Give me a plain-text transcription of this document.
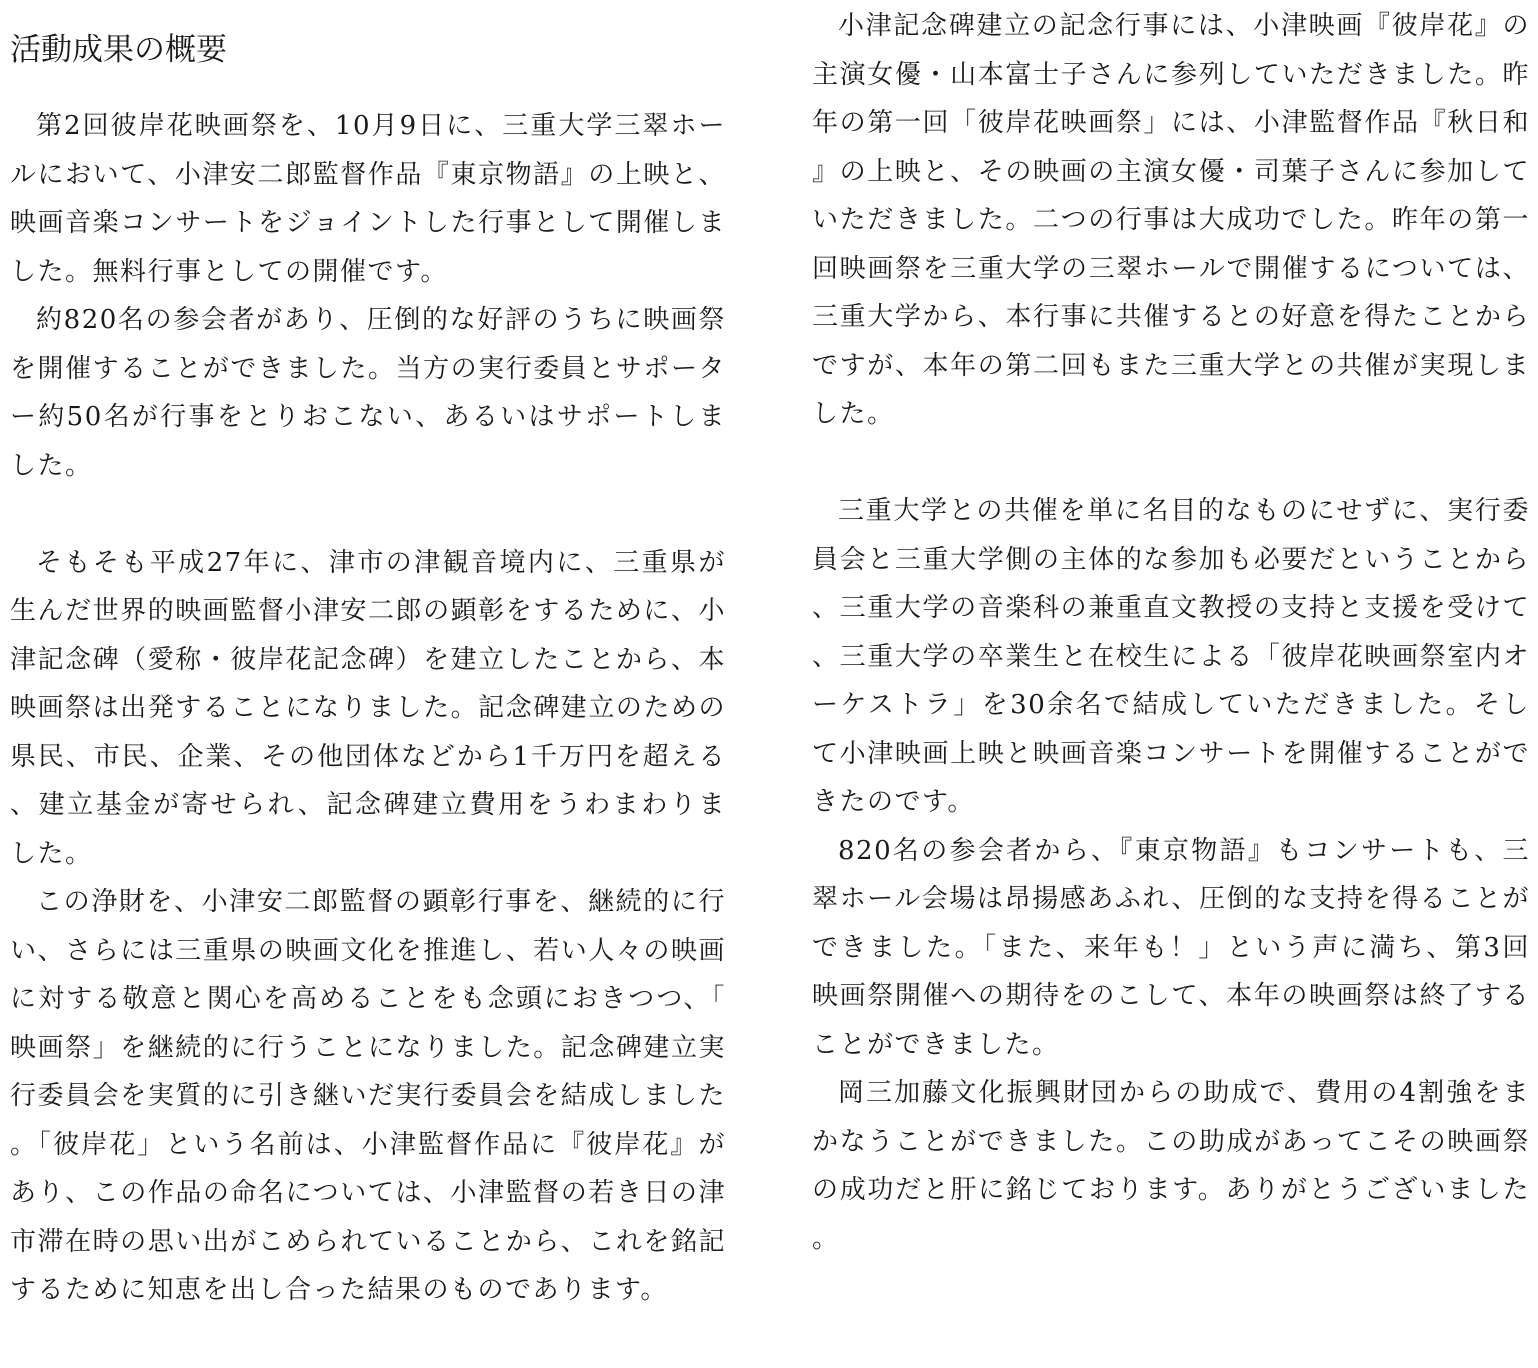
活動成果の概要

第2回彼岸花映画祭を、10月9日に、三重大学三翠ホールにおいて、小津安二郎監督作品『東京物語』の上映と、映画音楽コンサートをジョイントした行事として開催しました。無料行事としての開催です。

約820名の参会者があり、圧倒的な好評のうちに映画祭を開催することができました。当方の実行委員とサポーター約50名が行事をとりおこない、あるいはサポートしました。

そもそも平成27年に、津市の津観音境内に、三重県が生んだ世界的映画監督小津安二郎の顕彰をするために、小津記念碑（愛称・彼岸花記念碑）を建立したことから、本映画祭は出発することになりました。記念碑建立のための県民、市民、企業、その他団体などから1千万円を超える、建立基金が寄せられ、記念碑建立費用をうわまわりました。

この浄財を、小津安二郎監督の顕彰行事を、継続的に行い、さらには三重県の映画文化を推進し、若い人々の映画に対する敬意と関心を高めることをも念頭におきつつ、「映画祭」を継続的に行うことになりました。記念碑建立実行委員会を実質的に引き継いだ実行委員会を結成しました。「彼岸花」という名前は、小津監督作品に『彼岸花』があり、この作品の命名については、小津監督の若き日の津市滞在時の思い出がこめられていることから、これを銘記するために知恵を出し合った結果のものであります。

小津記念碑建立の記念行事には、小津映画『彼岸花』の主演女優・山本富士子さんに参列していただきました。昨年の第一回「彼岸花映画祭」には、小津監督作品『秋日和』の上映と、その映画の主演女優・司葉子さんに参加していただきました。二つの行事は大成功でした。昨年の第一回映画祭を三重大学の三翠ホールで開催するについては、三重大学から、本行事に共催するとの好意を得たことからですが、本年の第二回もまた三重大学との共催が実現しました。

三重大学との共催を単に名目的なものにせずに、実行委員会と三重大学側の主体的な参加も必要だということから、三重大学の音楽科の兼重直文教授の支持と支援を受けて、三重大学の卒業生と在校生による「彼岸花映画祭室内オーケストラ」を30余名で結成していただきました。そして小津映画上映と映画音楽コンサートを開催することができたのです。

820名の参会者から、『東京物語』もコンサートも、三翠ホール会場は昂揚感あふれ、圧倒的な支持を得ることができました。「また、来年も！」という声に満ち、第3回映画祭開催への期待をのこして、本年の映画祭は終了することができました。

岡三加藤文化振興財団からの助成で、費用の4割強をまかなうことができました。この助成があってこその映画祭の成功だと肝に銘じております。ありがとうございました。
